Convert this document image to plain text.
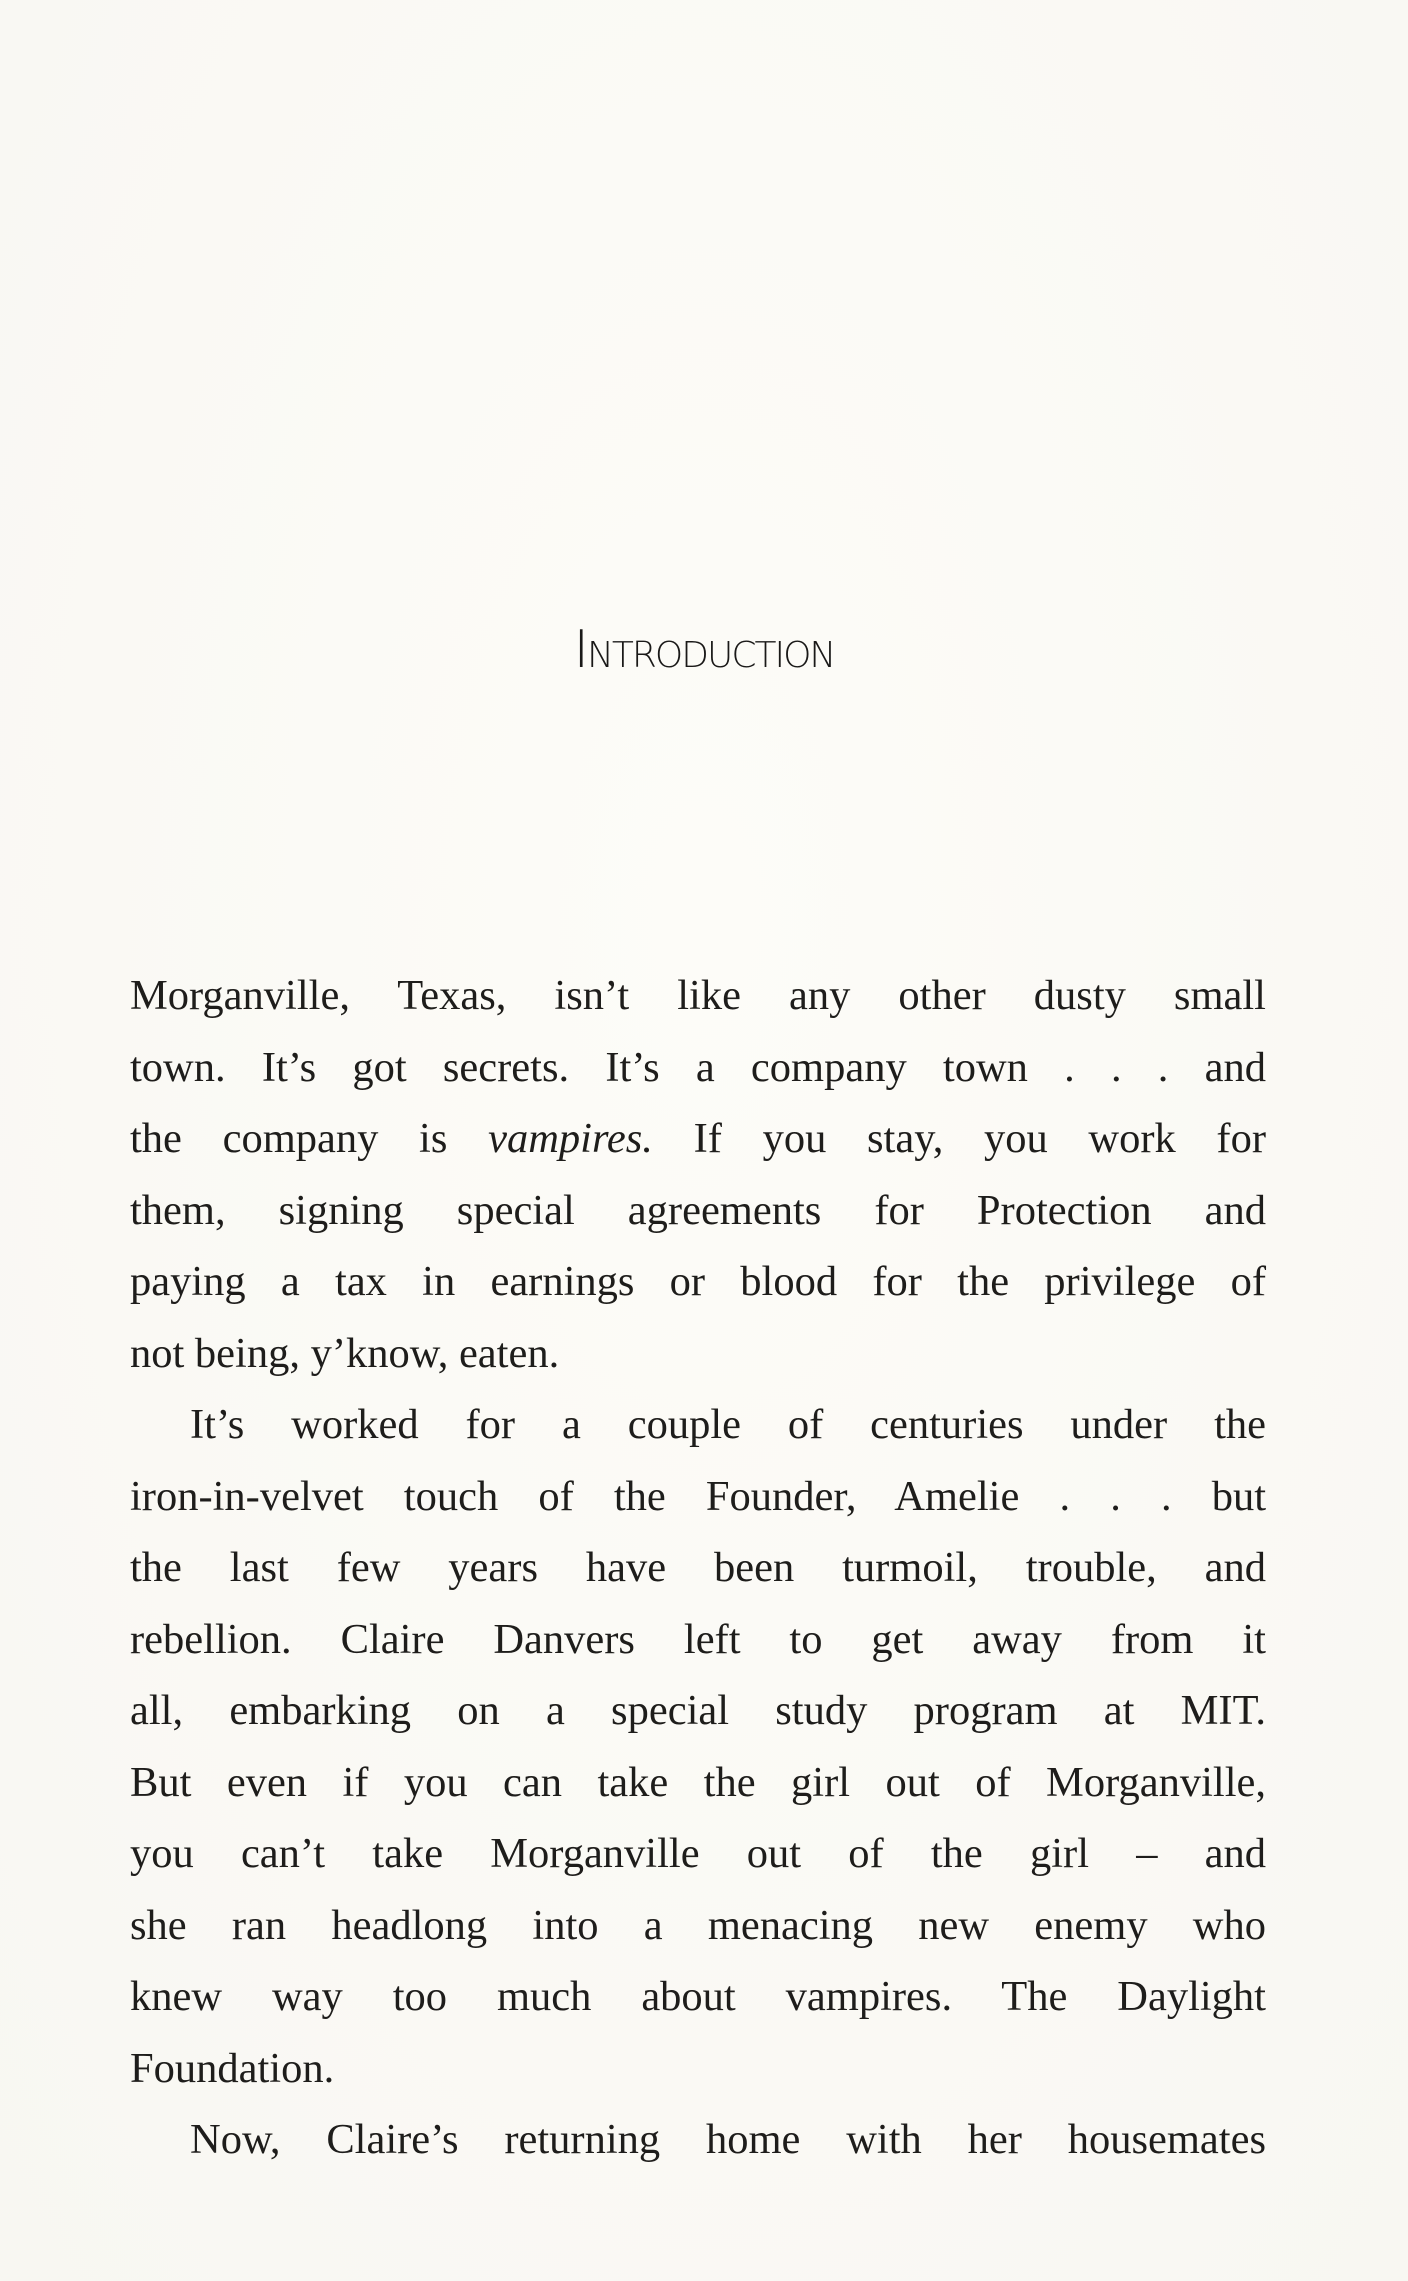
Introduction

Morganville, Texas, isn’t like any other dusty small

town. It’s got secrets. It’s a company town . . . and

the company is vampires. If you stay, you work for

them, signing special agreements for Protection and

paying a tax in earnings or blood for the privilege of

not being, y’know, eaten.

It’s worked for a couple of centuries under the

iron-in-velvet touch of the Founder, Amelie . . . but

the last few years have been turmoil, trouble, and

rebellion. Claire Danvers left to get away from it

all, embarking on a special study program at MIT.

But even if you can take the girl out of Morganville,

you can’t take Morganville out of the girl – and

she ran headlong into a menacing new enemy who

knew way too much about vampires. The Daylight

Foundation.

Now, Claire’s returning home with her housemates
